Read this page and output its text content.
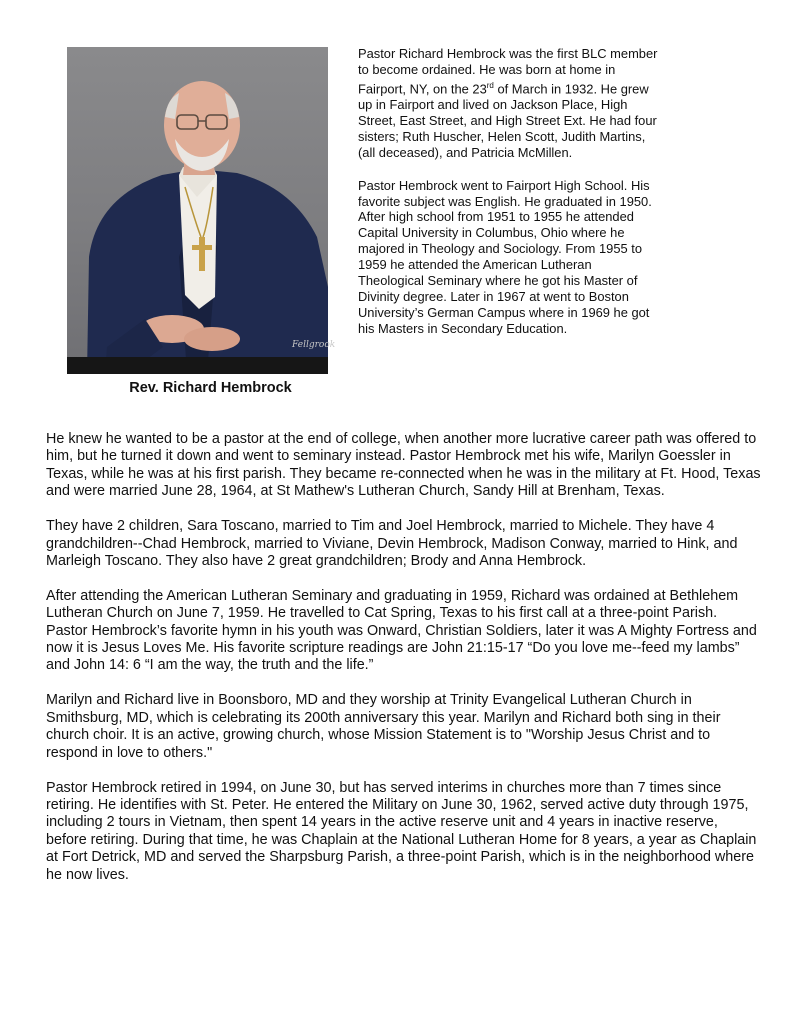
Fellgrook
Rev. Richard Hembrock

Pastor Richard Hembrock was the first BLC member to become ordained. He was born at home in Fairport, NY, on the 23rd of March in 1932. He grew up in Fairport and lived on Jackson Place, High Street, East Street, and High Street Ext. He had four sisters; Ruth Huscher, Helen Scott, Judith Martins, (all deceased), and Patricia McMillen.

Pastor Hembrock went to Fairport High School. His favorite subject was English. He graduated in 1950. After high school from 1951 to 1955 he attended Capital University in Columbus, Ohio where he majored in Theology and Sociology. From 1955 to 1959 he attended the American Lutheran Theological Seminary where he got his Master of Divinity degree. Later in 1967 at went to Boston University’s German Campus where in 1969 he got his Masters in Secondary Education.

He knew he wanted to be a pastor at the end of college, when another more lucrative career path was offered to him, but he turned it down and went to seminary instead. Pastor Hembrock met his wife, Marilyn Goessler in Texas, while he was at his first parish. They became re-connected when he was in the military at Ft. Hood, Texas and were married June 28, 1964, at St Mathew's Lutheran Church, Sandy Hill at Brenham, Texas.

They have 2 children, Sara Toscano, married to Tim and Joel Hembrock, married to Michele. They have 4 grandchildren--Chad Hembrock, married to Viviane, Devin Hembrock, Madison Conway, married to Hink, and Marleigh Toscano. They also have 2 great grandchildren; Brody and Anna Hembrock.

After attending the American Lutheran Seminary and graduating in 1959, Richard was ordained at Bethlehem Lutheran Church on June 7, 1959. He travelled to Cat Spring, Texas to his first call at a three-point Parish. Pastor Hembrock’s favorite hymn in his youth was Onward, Christian Soldiers, later it was A Mighty Fortress and now it is Jesus Loves Me. His favorite scripture readings are John 21:15-17 “Do you love me--feed my lambs” and John 14: 6 “I am the way, the truth and the life.”

Marilyn and Richard live in Boonsboro, MD and they worship at Trinity Evangelical Lutheran Church in Smithsburg, MD, which is celebrating its 200th anniversary this year. Marilyn and Richard both sing in their church choir. It is an active, growing church, whose Mission Statement is to "Worship Jesus Christ and to respond in love to others."

Pastor Hembrock retired in 1994, on June 30, but has served interims in churches more than 7 times since retiring. He identifies with St. Peter. He entered the Military on June 30, 1962, served active duty through 1975, including 2 tours in Vietnam, then spent 14 years in the active reserve unit and 4 years in inactive reserve, before retiring. During that time, he was Chaplain at the National Lutheran Home for 8 years, a year as Chaplain at Fort Detrick, MD and served the Sharpsburg Parish, a three-point Parish, which is in the neighborhood where he now lives.
